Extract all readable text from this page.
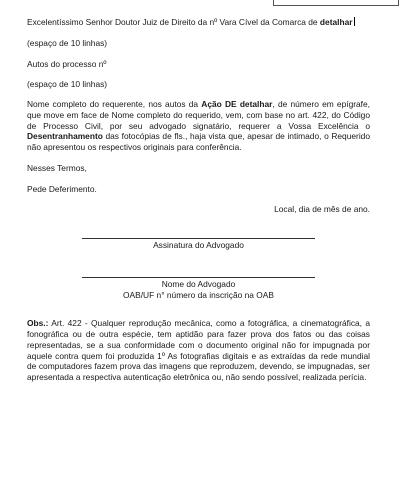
Excelentíssimo Senhor Doutor Juiz de Direito da nº Vara Cível da Comarca de detalhar

(espaço de 10 linhas)

Autos do processo nº

(espaço de 10 linhas)

Nome completo do requerente, nos autos da Ação DE detalhar, de número em epígrafe, que move em face de Nome completo do requerido, vem, com base no art. 422, do Código de Processo Civil, por seu advogado signatário, requerer a Vossa Excelência o Desentranhamento das fotocópias de fls., haja vista que, apesar de intimado, o Requerido não apresentou os respectivos originais para conferência.

Nesses Termos,

Pede Deferimento.

Local, dia de mês de ano.

Assinatura do Advogado

Nome do Advogado

OAB/UF n° número da inscrição na OAB

Obs.: Art. 422 - Qualquer reprodução mecânica, como a fotográfica, a cinematográfica, a fonográfica ou de outra espécie, tem aptidão para fazer prova dos fatos ou das coisas representadas, se a sua conformidade com o documento original não for impugnada por aquele contra quem foi produzida 1º As fotografias digitais e as extraídas da rede mundial de computadores fazem prova das imagens que reproduzem, devendo, se impugnadas, ser apresentada a respectiva autenticação eletrônica ou, não sendo possível, realizada perícia.
